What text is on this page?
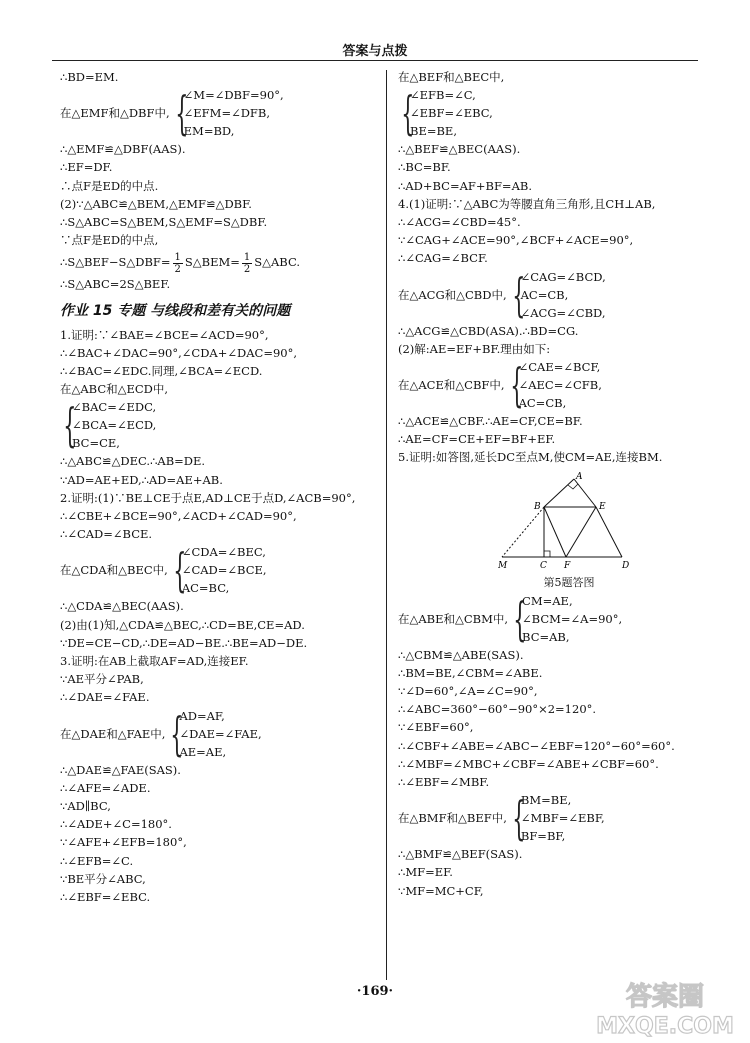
答案与点拨
∴BD=EM.
在△EMF和△DBF中, {
∠M=∠DBF=90°,
∠EFM=∠DFB,
EM=BD,
∴△EMF≌△DBF(AAS).
∴EF=DF.
∴点F是ED的中点.
(2)∵△ABC≌△BEM,△EMF≌△DBF.
∴S△ABC=S△BEM,S△EMF=S△DBF.
∵点F是ED的中点,
∴S△BEF−S△DBF= $\frac{1}{2}$ S△BEM= $\frac{1}{2}$ S△ABC.
∴S△ABC=2S△BEF.
作业 15 专题 与线段和差有关的问题
1.证明:∵∠BAE=∠BCE=∠ACD=90°,
∴∠BAC+∠DAC=90°,∠CDA+∠DAC=90°,
∴∠BAC=∠EDC.同理,∠BCA=∠ECD.
在△ABC和△ECD中,
{
∠BAC=∠EDC,
∠BCA=∠ECD,
BC=CE,
∴△ABC≌△DEC.∴AB=DE.
∵AD=AE+ED,∴AD=AE+AB.
2.证明:(1)∵BE⊥CE于点E,AD⊥CE于点D,∠ACB=90°,
∴∠CBE+∠BCE=90°,∠ACD+∠CAD=90°,
∴∠CAD=∠BCE.
在△CDA和△BEC中, {
∠CDA=∠BEC,
∠CAD=∠BCE,
AC=BC,
∴△CDA≌△BEC(AAS).
(2)由(1)知,△CDA≌△BEC,∴CD=BE,CE=AD.
∵DE=CE−CD,∴DE=AD−BE.∴BE=AD−DE.
3.证明:在AB上截取AF=AD,连接EF.
∵AE平分∠PAB,
∴∠DAE=∠FAE.
在△DAE和△FAE中, {
AD=AF,
∠DAE=∠FAE,
AE=AE,
∴△DAE≌△FAE(SAS).
∴∠AFE=∠ADE.
∵AD∥BC,
∴∠ADE+∠C=180°.
∵∠AFE+∠EFB=180°,
∴∠EFB=∠C.
∵BE平分∠ABC,
∴∠EBF=∠EBC.
在△BEF和△BEC中,
{
∠EFB=∠C,
∠EBF=∠EBC,
BE=BE,
∴△BEF≌△BEC(AAS).
∴BC=BF.
∴AD+BC=AF+BF=AB.
4.(1)证明:∵△ABC为等腰直角三角形,且CH⊥AB,
∴∠ACG=∠CBD=45°.
∵∠CAG+∠ACE=90°,∠BCF+∠ACE=90°,
∴∠CAG=∠BCF.
在△ACG和△CBD中, {
∠CAG=∠BCD,
AC=CB,
∠ACG=∠CBD,
∴△ACG≌△CBD(ASA).∴BD=CG.
(2)解:AE=EF+BF.理由如下:
在△ACE和△CBF中, {
∠CAE=∠BCF,
∠AEC=∠CFB,
AC=CB,
∴△ACE≌△CBF.∴AE=CF,CE=BF.
∴AE=CF=CE+EF=BF+EF.
5.证明:如答图,延长DC至点M,使CM=AE,连接BM.
A
B	E
M	C F	D
第5题答图
在△ABE和△CBM中, {
CM=AE,
∠BCM=∠A=90°,
BC=AB,
∴△CBM≌△ABE(SAS).
∴BM=BE,∠CBM=∠ABE.
∵∠D=60°,∠A=∠C=90°,
∴∠ABC=360°−60°−90°×2=120°.
∵∠EBF=60°,
∴∠CBF+∠ABE=∠ABC−∠EBF=120°−60°=60°.
∴∠MBF=∠MBC+∠CBF=∠ABE+∠CBF=60°.
∴∠EBF=∠MBF.
在△BMF和△BEF中, {
BM=BE,
∠MBF=∠EBF,
BF=BF,
∴△BMF≌△BEF(SAS).
∴MF=EF.
∵MF=MC+CF,
·169·	答案圈
MXQE.COM
